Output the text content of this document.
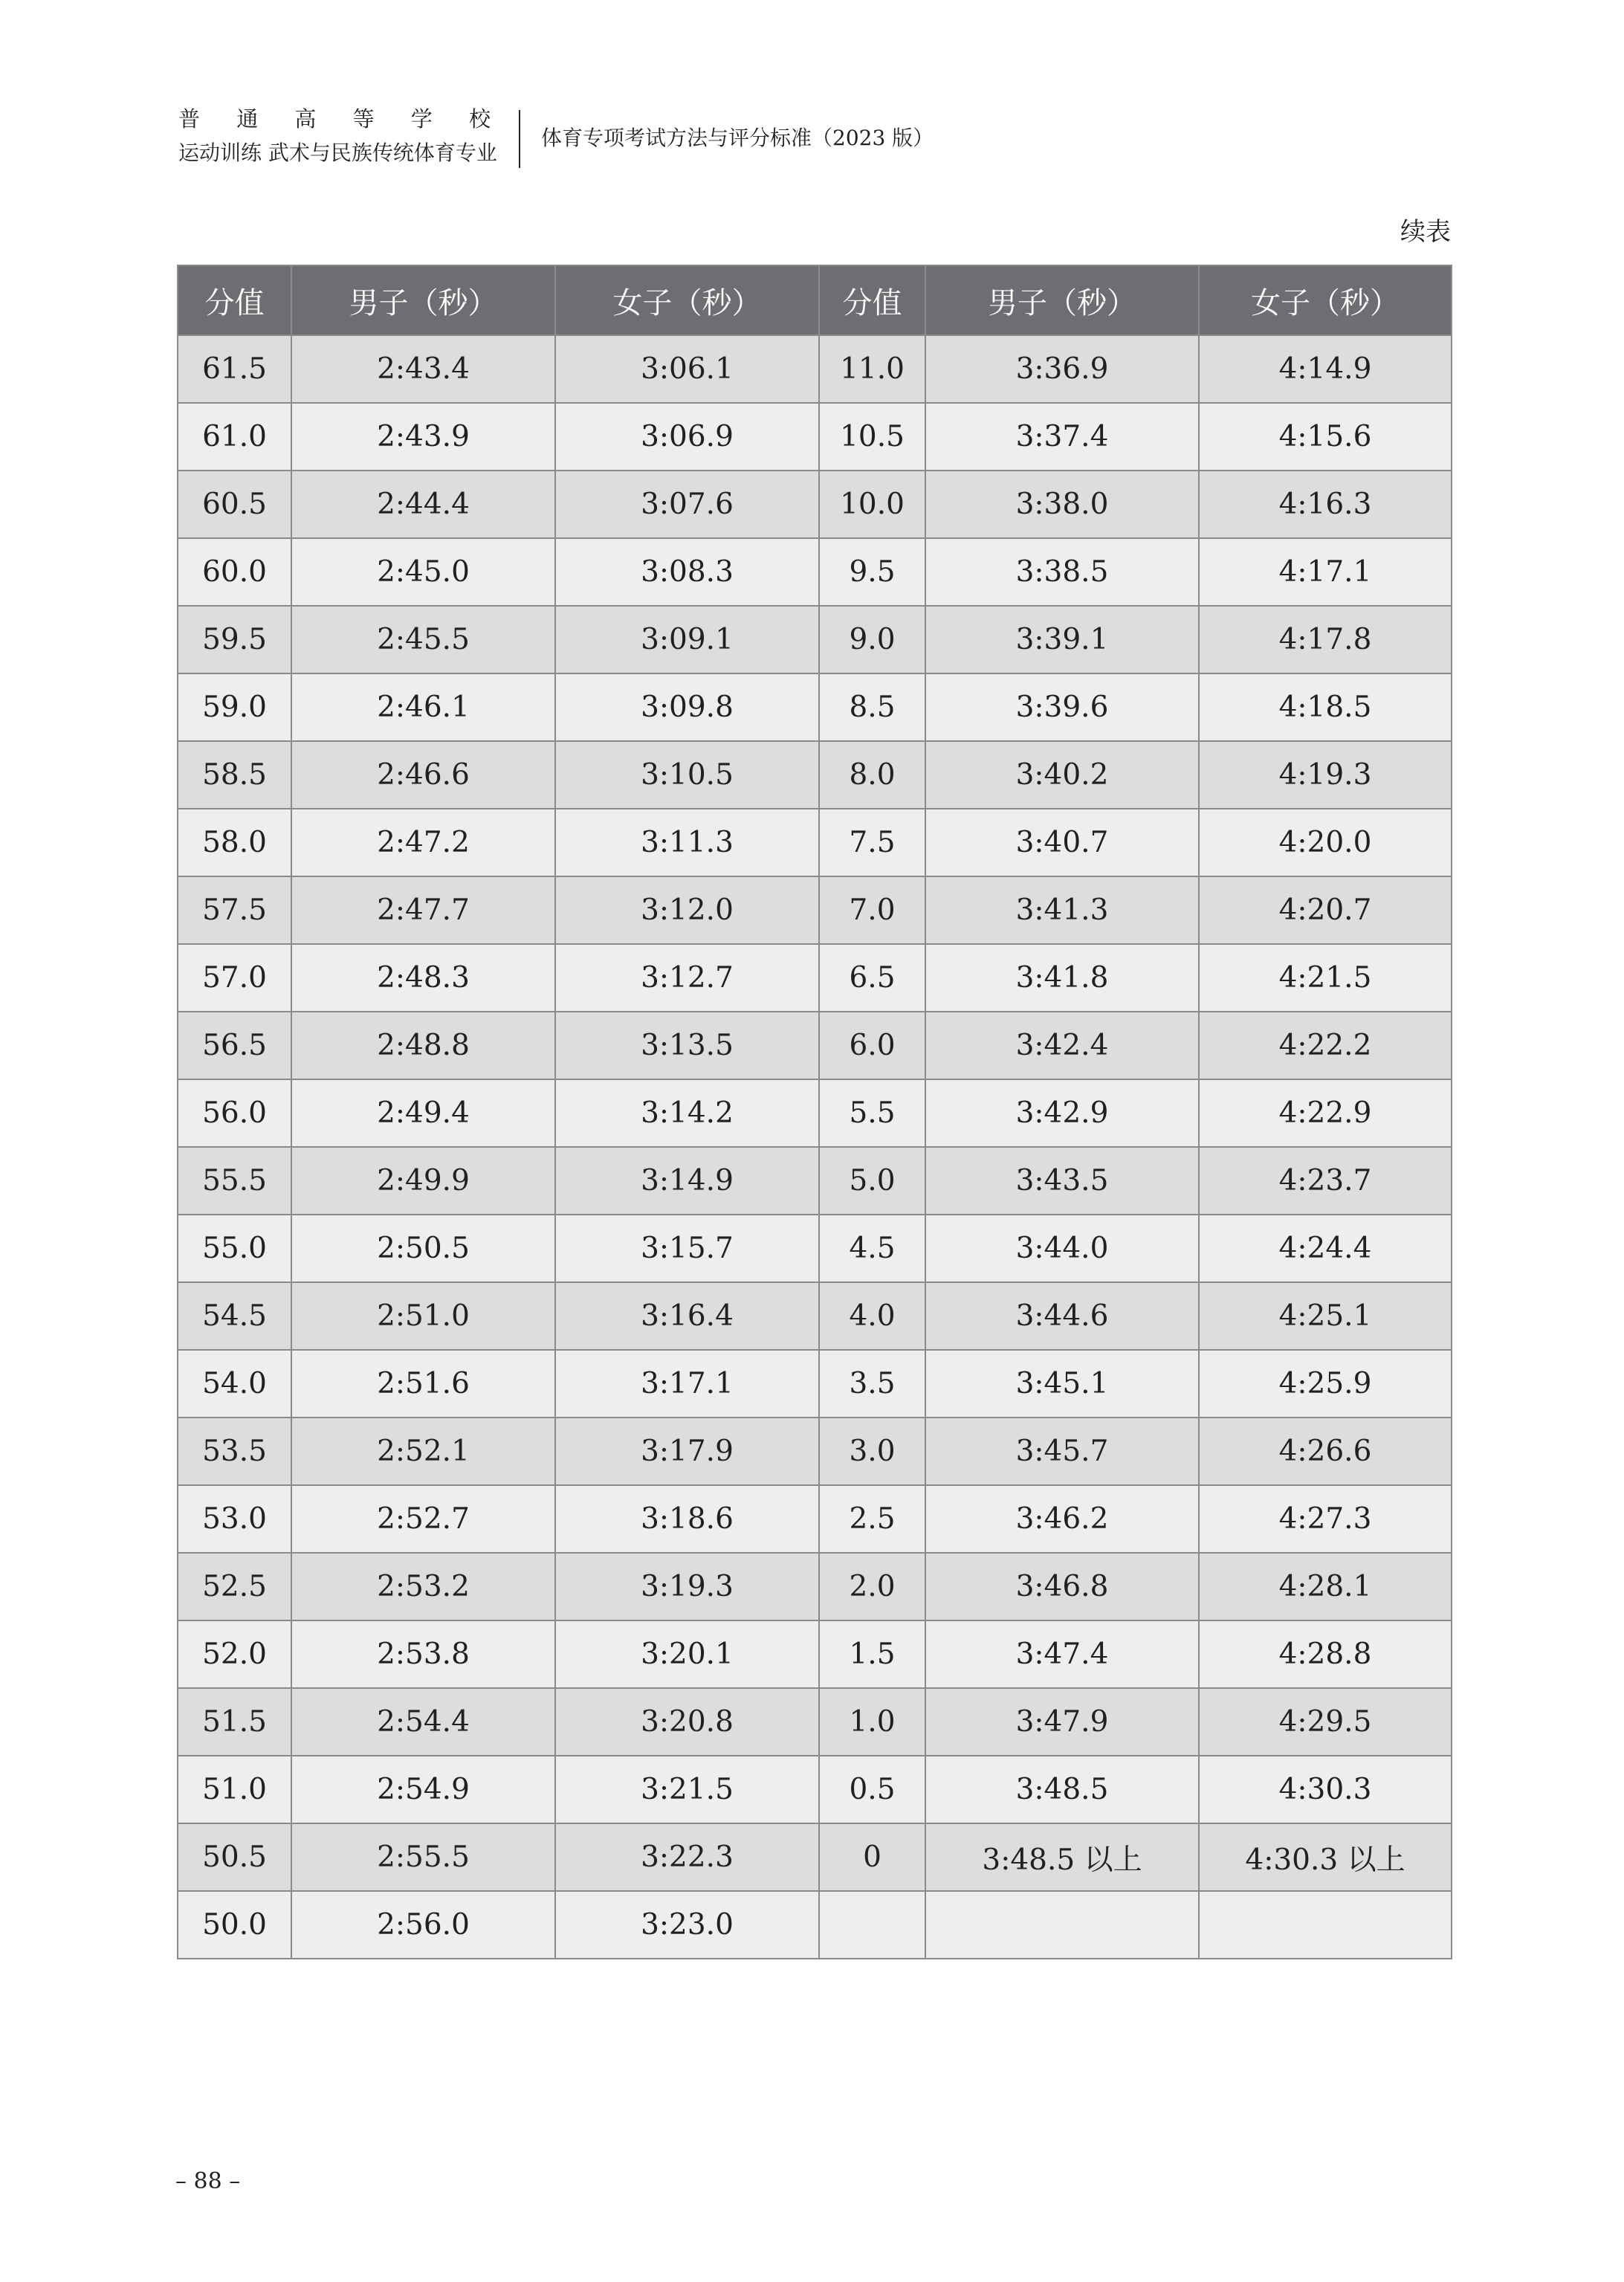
普 通 高 等 学 校
运动训练 武术与民族传统体育专业
体育专项考试方法与评分标准（2023 版）
续表
分值	男子（秒）	女子（秒）	分值	男子（秒）	女子（秒）
61.5	2:43.4	3:06.1	11.0	3:36.9	4:14.9
61.0	2:43.9	3:06.9	10.5	3:37.4	4:15.6
60.5	2:44.4	3:07.6	10.0	3:38.0	4:16.3
60.0	2:45.0	3:08.3	9.5	3:38.5	4:17.1
59.5	2:45.5	3:09.1	9.0	3:39.1	4:17.8
59.0	2:46.1	3:09.8	8.5	3:39.6	4:18.5
58.5	2:46.6	3:10.5	8.0	3:40.2	4:19.3
58.0	2:47.2	3:11.3	7.5	3:40.7	4:20.0
57.5	2:47.7	3:12.0	7.0	3:41.3	4:20.7
57.0	2:48.3	3:12.7	6.5	3:41.8	4:21.5
56.5	2:48.8	3:13.5	6.0	3:42.4	4:22.2
56.0	2:49.4	3:14.2	5.5	3:42.9	4:22.9
55.5	2:49.9	3:14.9	5.0	3:43.5	4:23.7
55.0	2:50.5	3:15.7	4.5	3:44.0	4:24.4
54.5	2:51.0	3:16.4	4.0	3:44.6	4:25.1
54.0	2:51.6	3:17.1	3.5	3:45.1	4:25.9
53.5	2:52.1	3:17.9	3.0	3:45.7	4:26.6
53.0	2:52.7	3:18.6	2.5	3:46.2	4:27.3
52.5	2:53.2	3:19.3	2.0	3:46.8	4:28.1
52.0	2:53.8	3:20.1	1.5	3:47.4	4:28.8
51.5	2:54.4	3:20.8	1.0	3:47.9	4:29.5
51.0	2:54.9	3:21.5	0.5	3:48.5	4:30.3
50.5	2:55.5	3:22.3	0	3:48.5 以上	4:30.3 以上
50.0	2:56.0	3:23.0			
– 88 –
